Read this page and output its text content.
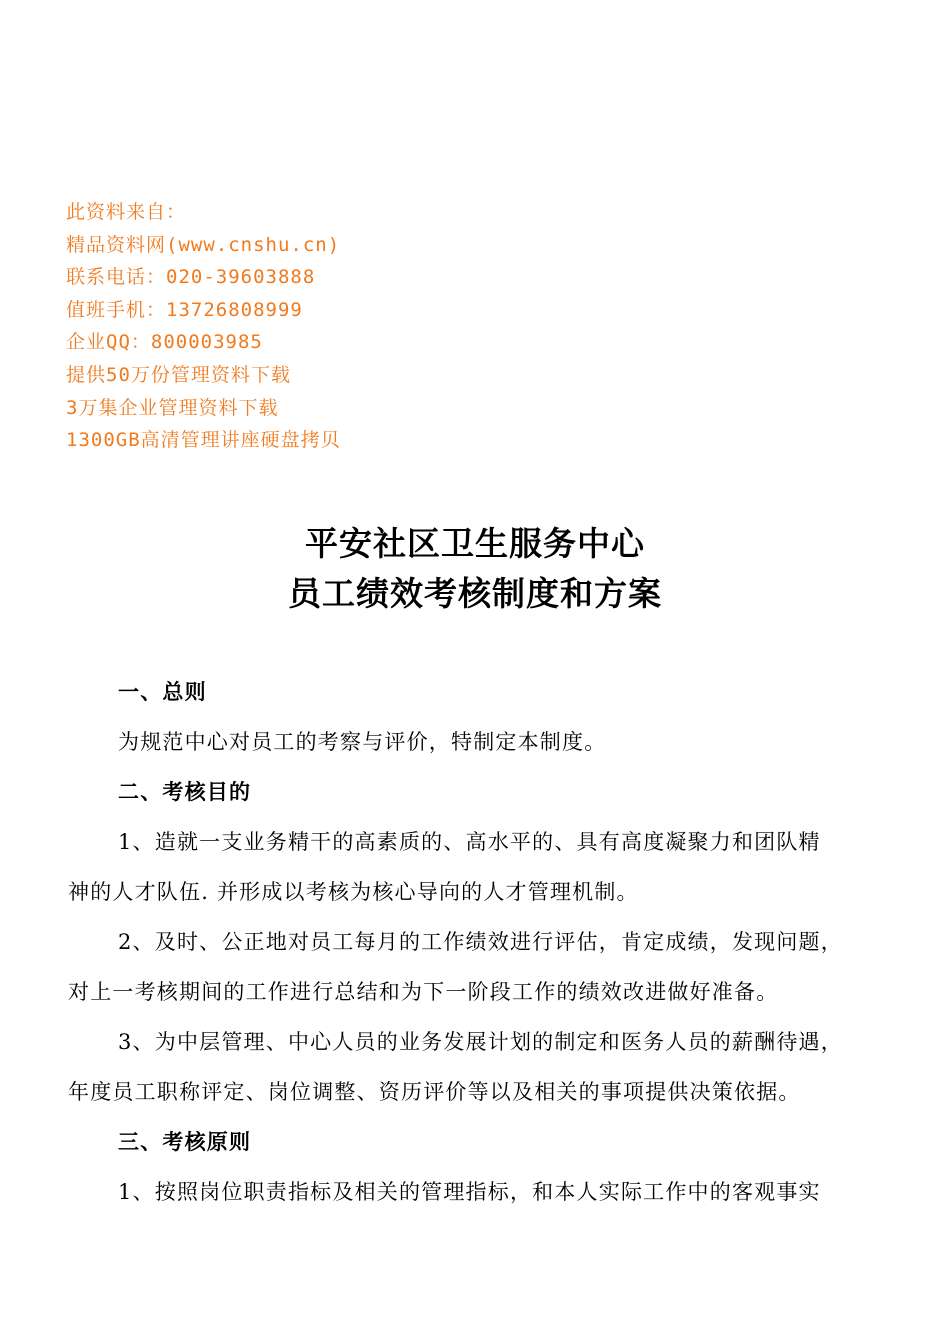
此资料来自：
精品资料网(www.cnshu.cn)
联系电话：020-39603888
值班手机：13726808999
企业QQ：800003985
提供50万份管理资料下载
3万集企业管理资料下载
1300GB高清管理讲座硬盘拷贝
平安社区卫生服务中心
员工绩效考核制度和方案
一、总则
为规范中心对员工的考察与评价，特制定本制度。
二、考核目的
1、造就一支业务精干的高素质的、高水平的、具有高度凝聚力和团队精
神的人才队伍. 并形成以考核为核心导向的人才管理机制。
2、及时、公正地对员工每月的工作绩效进行评估，肯定成绩，发现问题，
对上一考核期间的工作进行总结和为下一阶段工作的绩效改进做好准备。
3、为中层管理、中心人员的业务发展计划的制定和医务人员的薪酬待遇，
年度员工职称评定、岗位调整、资历评价等以及相关的事项提供决策依据。
三、考核原则
1、按照岗位职责指标及相关的管理指标，和本人实际工作中的客观事实
